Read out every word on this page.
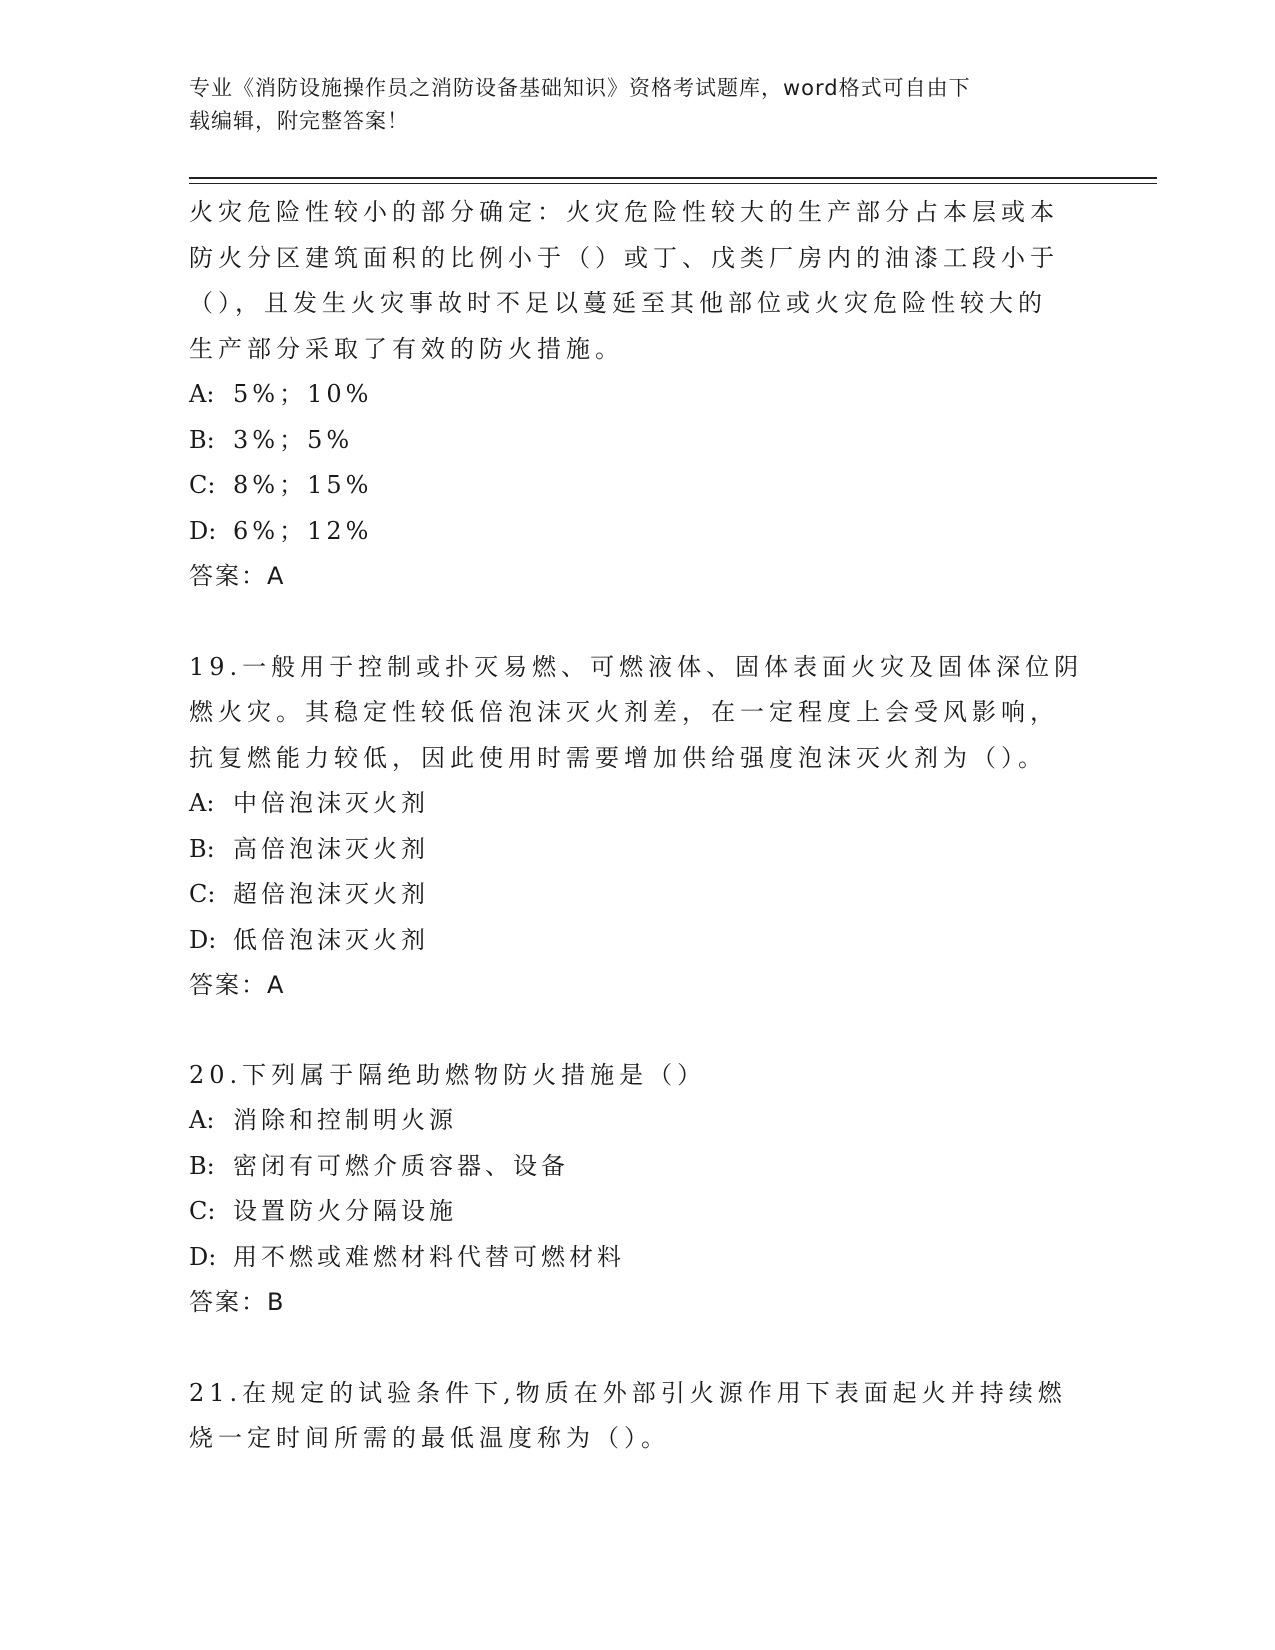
专业《消防设施操作员之消防设备基础知识》资格考试题库，word格式可自由下
载编辑，附完整答案！

火灾危险性较小的部分确定：火灾危险性较大的生产部分占本层或本

防火分区建筑面积的比例小于（）或丁、戊类厂房内的油漆工段小于

（），且发生火灾事故时不足以蔓延至其他部位或火灾危险性较大的

生产部分采取了有效的防火措施。

A: 5%；10%

B: 3%；5%

C: 8%；15%

D: 6%；12%

答案：A

19.一般用于控制或扑灭易燃、可燃液体、固体表面火灾及固体深位阴

燃火灾。其稳定性较低倍泡沫灭火剂差，在一定程度上会受风影响，

抗复燃能力较低，因此使用时需要增加供给强度泡沫灭火剂为（）。

A: 中倍泡沫灭火剂

B: 高倍泡沫灭火剂

C: 超倍泡沫灭火剂

D: 低倍泡沫灭火剂

答案：A

20.下列属于隔绝助燃物防火措施是（）

A: 消除和控制明火源

B: 密闭有可燃介质容器、设备

C: 设置防火分隔设施

D: 用不燃或难燃材料代替可燃材料

答案：B

21.在规定的试验条件下,物质在外部引火源作用下表面起火并持续燃

烧一定时间所需的最低温度称为（）。
